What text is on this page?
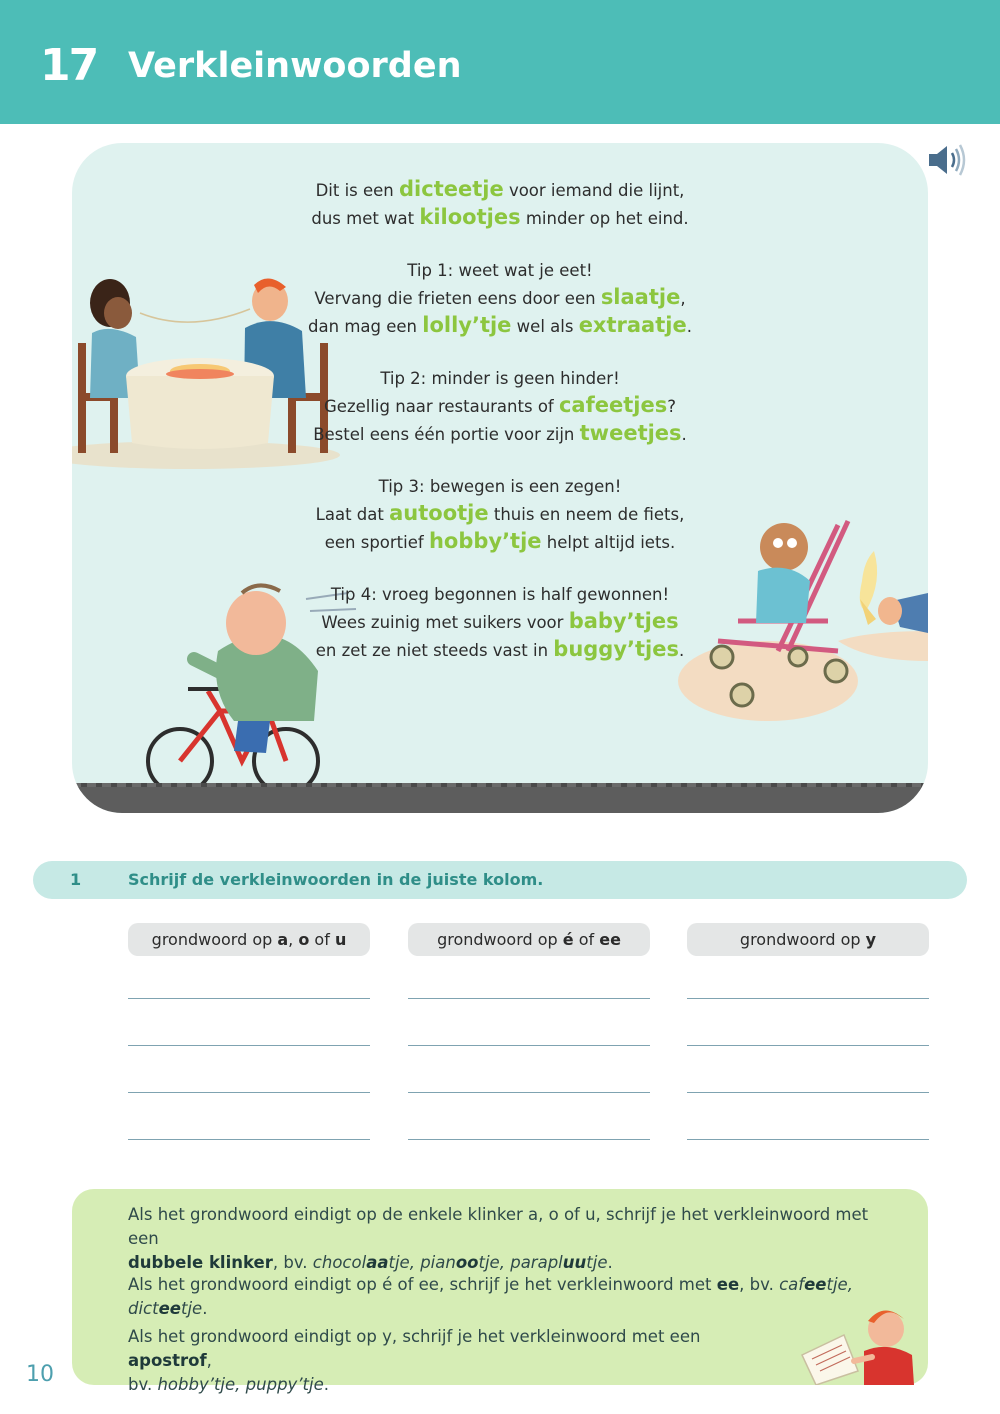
17 Verkleinwoorden
Dit is een dicteetje voor iemand die lijnt,
dus met wat kilootjes minder op het eind.
Tip 1: weet wat je eet!
Vervang die frieten eens door een slaatje,
dan mag een lolly’tje wel als extraatje.
Tip 2: minder is geen hinder!
Gezellig naar restaurants of cafeetjes?
Bestel eens één portie voor zijn tweetjes.
Tip 3: bewegen is een zegen!
Laat dat autootje thuis en neem de fiets,
een sportief hobby’tje helpt altijd iets.
Tip 4: vroeg begonnen is half gewonnen!
Wees zuinig met suikers voor baby’tjes
en zet ze niet steeds vast in buggy’tjes.
1	Schrijf de verkleinwoorden in de juiste kolom.
grondwoord op a, o of u	grondwoord op é of ee	grondwoord op y
Als het grondwoord eindigt op de enkele klinker a, o of u, schrijf je het verkleinwoord met een
dubbele klinker, bv. chocolaatje, pianootje, parapluutje.
Als het grondwoord eindigt op é of ee, schrijf je het verkleinwoord met ee, bv. cafeetje, dicteetje.
Als het grondwoord eindigt op y, schrijf je het verkleinwoord met een apostrof,
bv. hobby’tje, puppy’tje.
10
